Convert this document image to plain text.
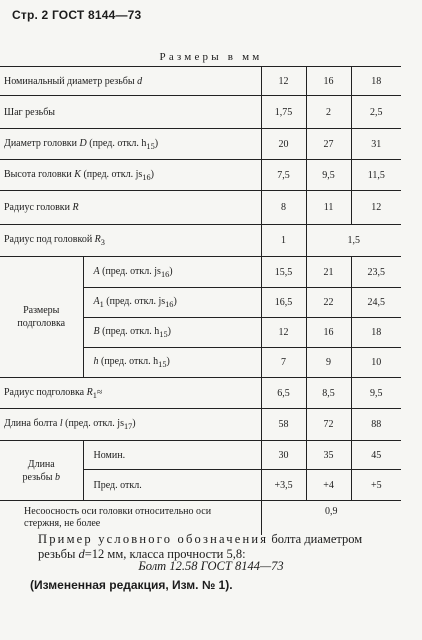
Стр. 2 ГОСТ 8144—73
Размеры в мм
Номинальный диаметр резьбы d		12	16	18
Шаг резьбы		1,75	2	2,5
Диаметр головки D (пред. откл. $h_{15}$)		20	27	31
Высота головки K (пред. откл. $js_{16}$)		7,5	9,5	11,5
Радиус головки R		8	11	12
Радиус под головкой $R_3$		1	1,5	
Размеры
подголовка	A (пред. откл. $js_{16}$)	15,5	21	23,5
	$A_1$ (пред. откл. $js_{16}$)	16,5	22	24,5
	B (пред. откл. $h_{15}$)	12	16	18
	h (пред. откл. $h_{15}$)	7	9	10
Радиус подголовка $R_1\approx$		6,5	8,5	9,5
Длина болта l (пред. откл. $js_{17}$)		58	72	88
Длина
резьбы b	Номин.	30	35	45
	Пред. откл.	+3,5	+4	+5
Несоосность оси головки относительно оси
стержня, не более		0,9		
Пример условного обозначения болта диаметром
резьбы d=12 мм, класса прочности 5,8:
Болт 12.58 ГОСТ 8144—73
(Измененная редакция, Изм. № 1).
